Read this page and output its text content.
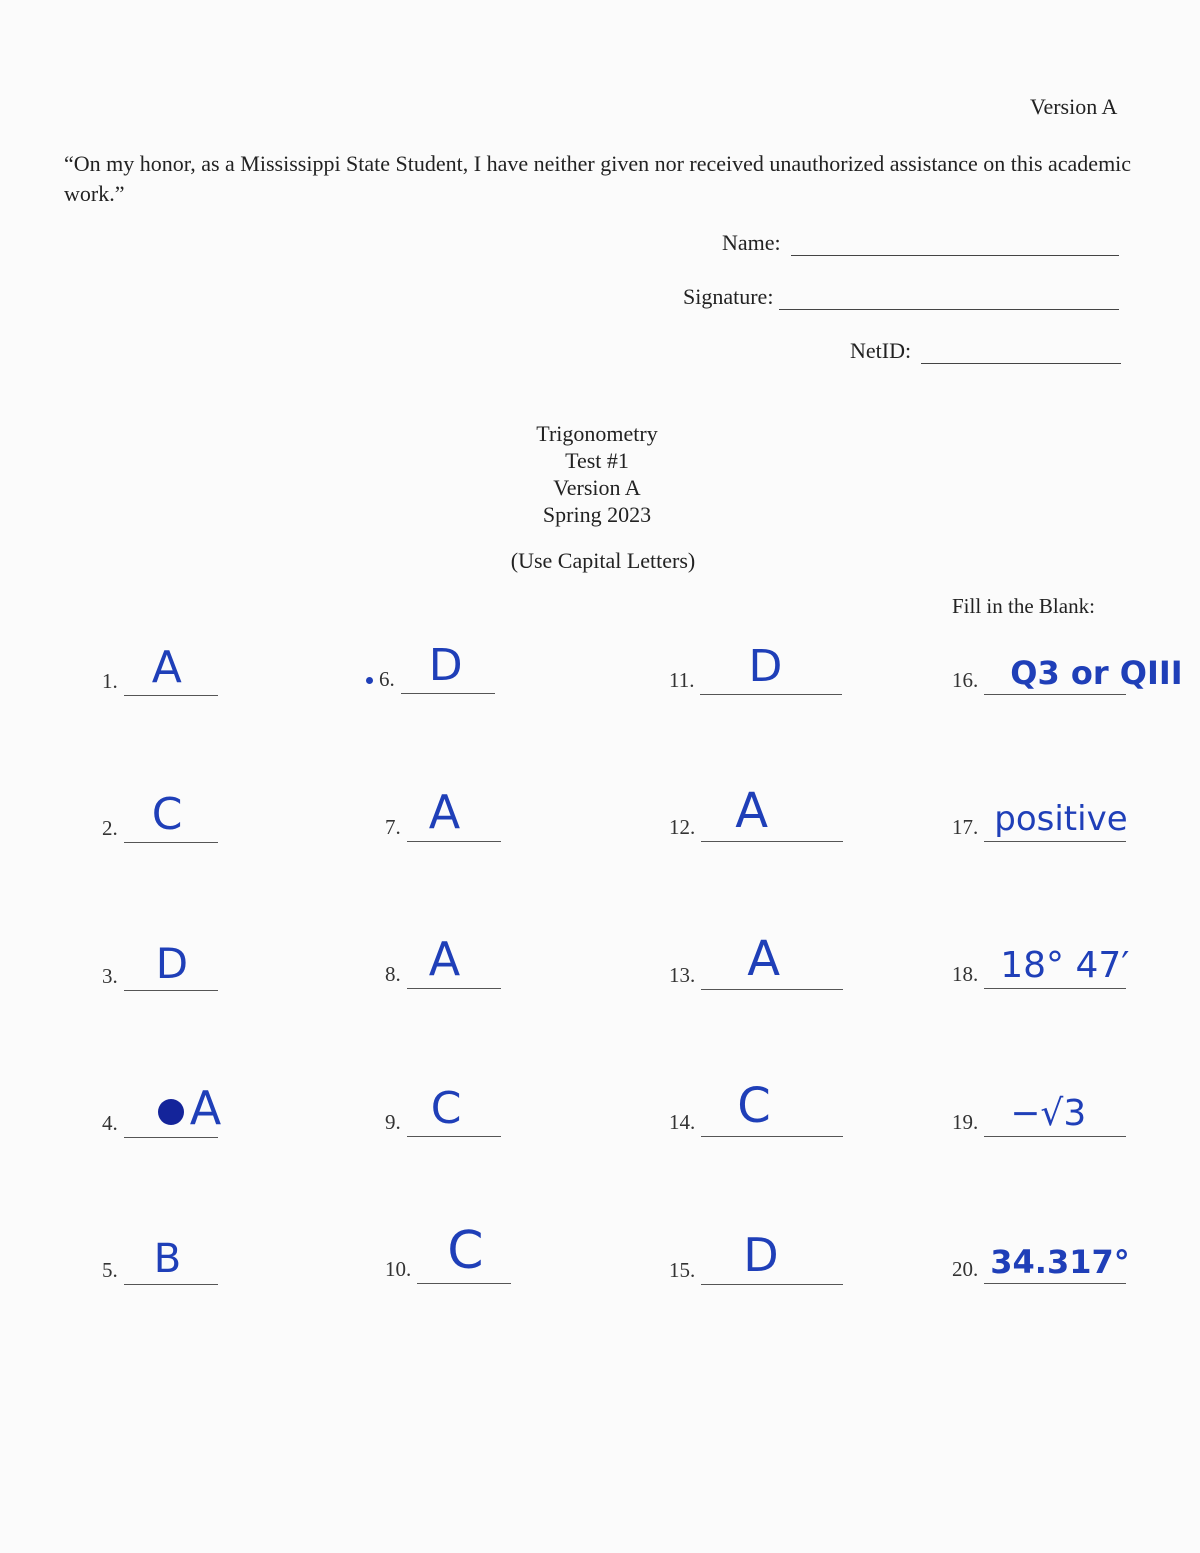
Version A
“On my honor, as a Mississippi State Student, I have neither given nor received unauthorized assistance on this academic work.”
Name:
Signature:
NetID:
Trigonometry
Test #1
Version A
Spring 2023
(Use Capital Letters)
Fill in the Blank:
1. A
2. C
3. D
4.	A
5. B
6. D
7. A
8. A
9. C
10. C
11. D
12. A
13. A
14. C
15. D
16. Q3 or QIII
17. positive
18. 18° 47′
19. −√3
20. 34.317°
